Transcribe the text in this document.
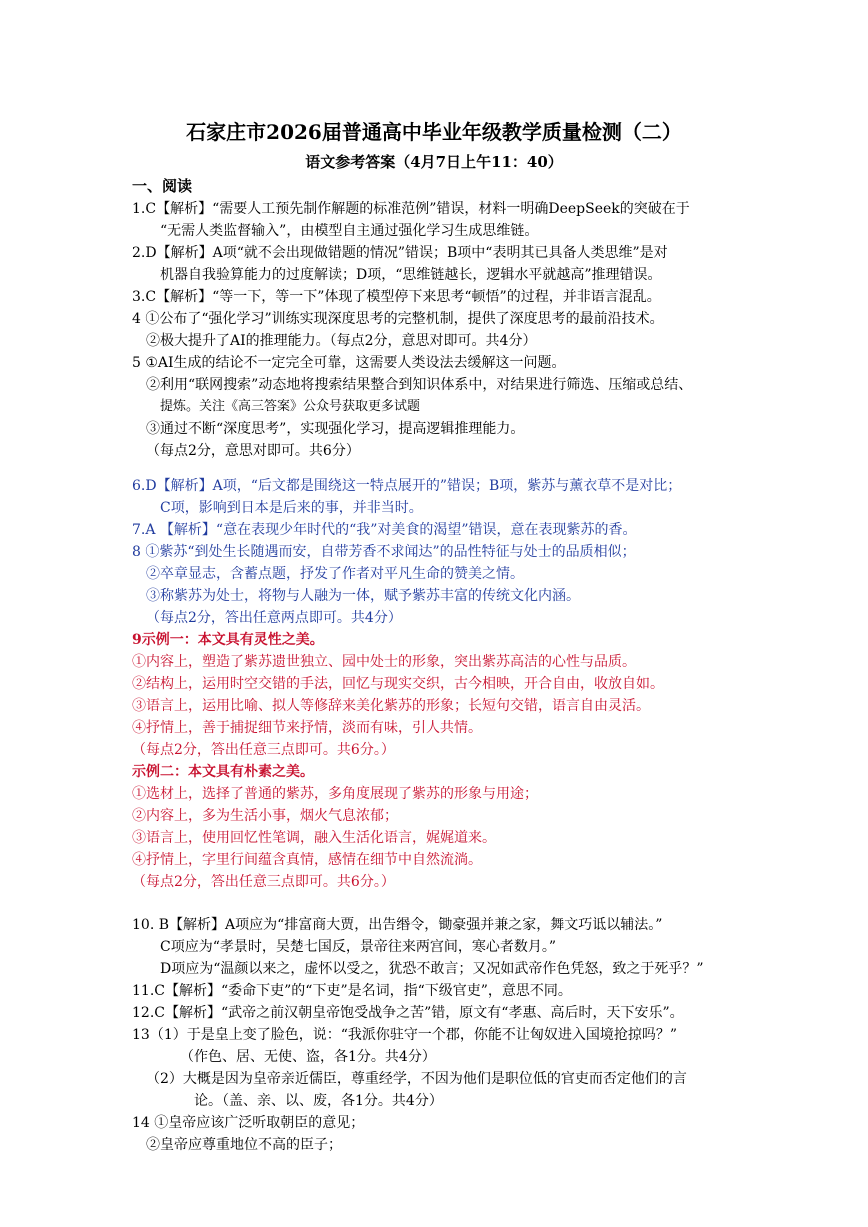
石家庄市2026届普通高中毕业年级教学质量检测（二）
语文参考答案（4月7日上午11：40）
一、阅读
1.C【解析】“需要人工预先制作解题的标准范例”错误，材料一明确DeepSeek的突破在于
“无需人类监督输入”，由模型自主通过强化学习生成思维链。
2.D【解析】A项“就不会出现做错题的情况”错误；B项中“表明其已具备人类思维”是对
机器自我验算能力的过度解读；D项，“思维链越长，逻辑水平就越高”推理错误。
3.C【解析】“等一下，等一下”体现了模型停下来思考“顿悟”的过程，并非语言混乱。
4 ①公布了“强化学习”训练实现深度思考的完整机制，提供了深度思考的最前沿技术。
②极大提升了AI的推理能力。（每点2分，意思对即可。共4分）
5 ①AI生成的结论不一定完全可靠，这需要人类设法去缓解这一问题。
②利用“联网搜索”动态地将搜索结果整合到知识体系中，对结果进行筛选、压缩或总结、
提炼。关注《高三答案》公众号获取更多试题
③通过不断“深度思考”，实现强化学习，提高逻辑推理能力。
（每点2分，意思对即可。共6分）
6.D【解析】A项，“后文都是围绕这一特点展开的”错误；B项，紫苏与薰衣草不是对比；
C项，影响到日本是后来的事，并非当时。
7.A 【解析】“意在表现少年时代的“我”对美食的渴望”错误，意在表现紫苏的香。
8 ①紫苏“到处生长随遇而安，自带芳香不求闻达”的品性特征与处士的品质相似；
②卒章显志，含蓄点题，抒发了作者对平凡生命的赞美之情。
③称紫苏为处士，将物与人融为一体，赋予紫苏丰富的传统文化内涵。
（每点2分，答出任意两点即可。共4分）
9示例一：本文具有灵性之美。
①内容上，塑造了紫苏遗世独立、园中处士的形象，突出紫苏高洁的心性与品质。
②结构上，运用时空交错的手法，回忆与现实交织，古今相映，开合自由，收放自如。
③语言上，运用比喻、拟人等修辞来美化紫苏的形象；长短句交错，语言自由灵活。
④抒情上，善于捕捉细节来抒情，淡而有味，引人共情。
（每点2分，答出任意三点即可。共6分。）
示例二：本文具有朴素之美。
①选材上，选择了普通的紫苏，多角度展现了紫苏的形象与用途；
②内容上，多为生活小事，烟火气息浓郁；
③语言上，使用回忆性笔调，融入生活化语言，娓娓道来。
④抒情上，字里行间蕴含真情，感情在细节中自然流淌。
（每点2分，答出任意三点即可。共6分。）
10. B【解析】A项应为“排富商大贾，出告缗令，锄豪强并兼之家，舞文巧诋以辅法。”
C项应为“孝景时，吴楚七国反，景帝往来两宫间，寒心者数月。”
D项应为“温颜以来之，虚怀以受之，犹恐不敢言；又况如武帝作色凭怒，致之于死乎？”
11.C【解析】“委命下吏”的“下吏”是名词，指“下级官吏”，意思不同。
12.C【解析】“武帝之前汉朝皇帝饱受战争之苦”错，原文有“孝惠、高后时，天下安乐”。
13（1）于是皇上变了脸色，说：“我派你驻守一个郡，你能不让匈奴进入国境抢掠吗？”
（作色、居、无使、盗，各1分。共4分）
（2）大概是因为皇帝亲近儒臣，尊重经学，不因为他们是职位低的官吏而否定他们的言
论。（盖、亲、以、废，各1分。共4分）
14 ①皇帝应该广泛听取朝臣的意见；
②皇帝应尊重地位不高的臣子；
